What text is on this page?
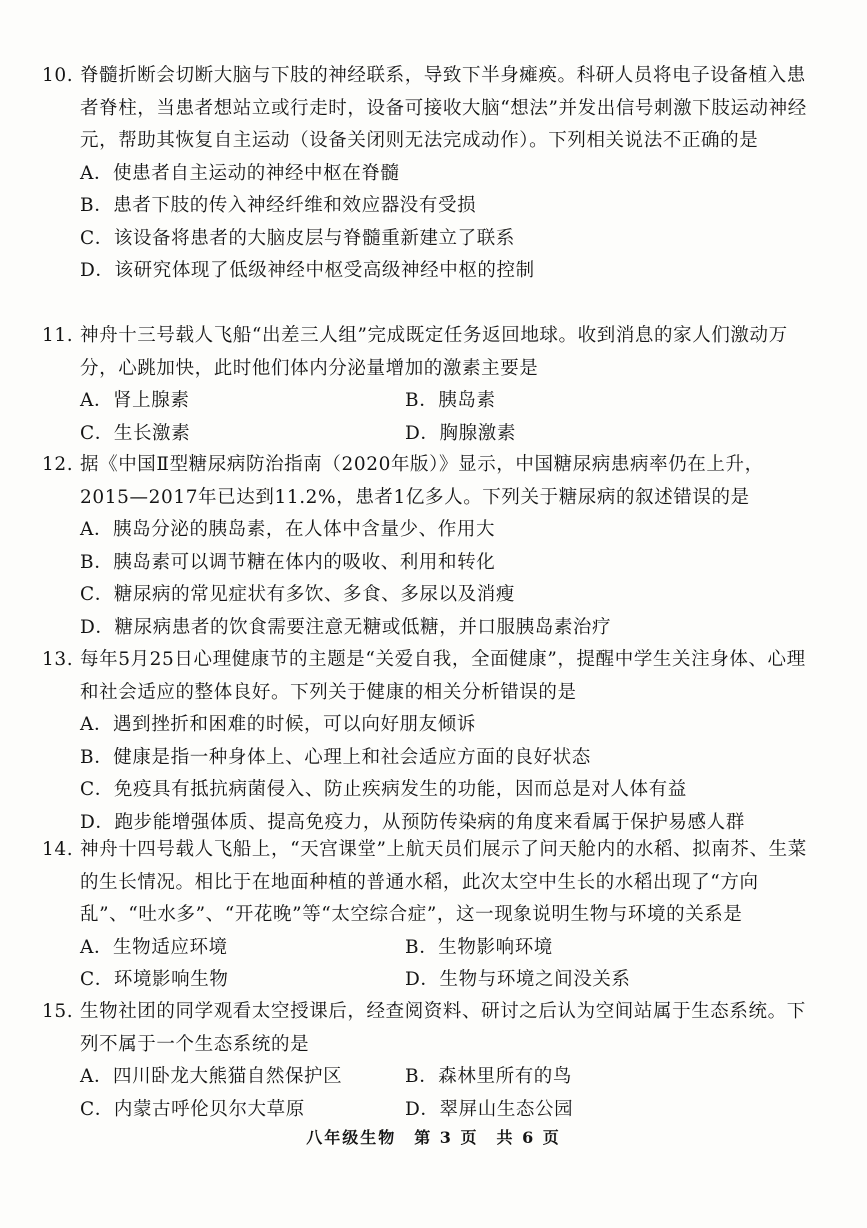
10. 脊髓折断会切断大脑与下肢的神经联系，导致下半身瘫痪。科研人员将电子设备植入患者脊柱，当患者想站立或行走时，设备可接收大脑“想法”并发出信号刺激下肢运动神经元，帮助其恢复自主运动（设备关闭则无法完成动作）。下列相关说法不正确的是
A．使患者自主运动的神经中枢在脊髓
B．患者下肢的传入神经纤维和效应器没有受损
C．该设备将患者的大脑皮层与脊髓重新建立了联系
D．该研究体现了低级神经中枢受高级神经中枢的控制
11. 神舟十三号载人飞船“出差三人组”完成既定任务返回地球。收到消息的家人们激动万分，心跳加快，此时他们体内分泌量增加的激素主要是
A．肾上腺素	B．胰岛素
C．生长激素	D．胸腺激素
12. 据《中国Ⅱ型糖尿病防治指南（2020年版）》显示，中国糖尿病患病率仍在上升，2015—2017年已达到11.2%，患者1亿多人。下列关于糖尿病的叙述错误的是
A．胰岛分泌的胰岛素，在人体中含量少、作用大
B．胰岛素可以调节糖在体内的吸收、利用和转化
C．糖尿病的常见症状有多饮、多食、多尿以及消瘦
D．糖尿病患者的饮食需要注意无糖或低糖，并口服胰岛素治疗
13. 每年5月25日心理健康节的主题是“关爱自我，全面健康”，提醒中学生关注身体、心理和社会适应的整体良好。下列关于健康的相关分析错误的是
A．遇到挫折和困难的时候，可以向好朋友倾诉
B．健康是指一种身体上、心理上和社会适应方面的良好状态
C．免疫具有抵抗病菌侵入、防止疾病发生的功能，因而总是对人体有益
D．跑步能增强体质、提高免疫力，从预防传染病的角度来看属于保护易感人群
14. 神舟十四号载人飞船上，“天宫课堂”上航天员们展示了问天舱内的水稻、拟南芥、生菜的生长情况。相比于在地面种植的普通水稻，此次太空中生长的水稻出现了“方向乱”、“吐水多”、“开花晚”等“太空综合症”，这一现象说明生物与环境的关系是
A．生物适应环境	B．生物影响环境
C．环境影响生物	D．生物与环境之间没关系
15. 生物社团的同学观看太空授课后，经查阅资料、研讨之后认为空间站属于生态系统。下列不属于一个生态系统的是
A．四川卧龙大熊猫自然保护区	B．森林里所有的鸟
C．内蒙古呼伦贝尔大草原	D．翠屏山生态公园
八年级生物　第 3 页　共 6 页
